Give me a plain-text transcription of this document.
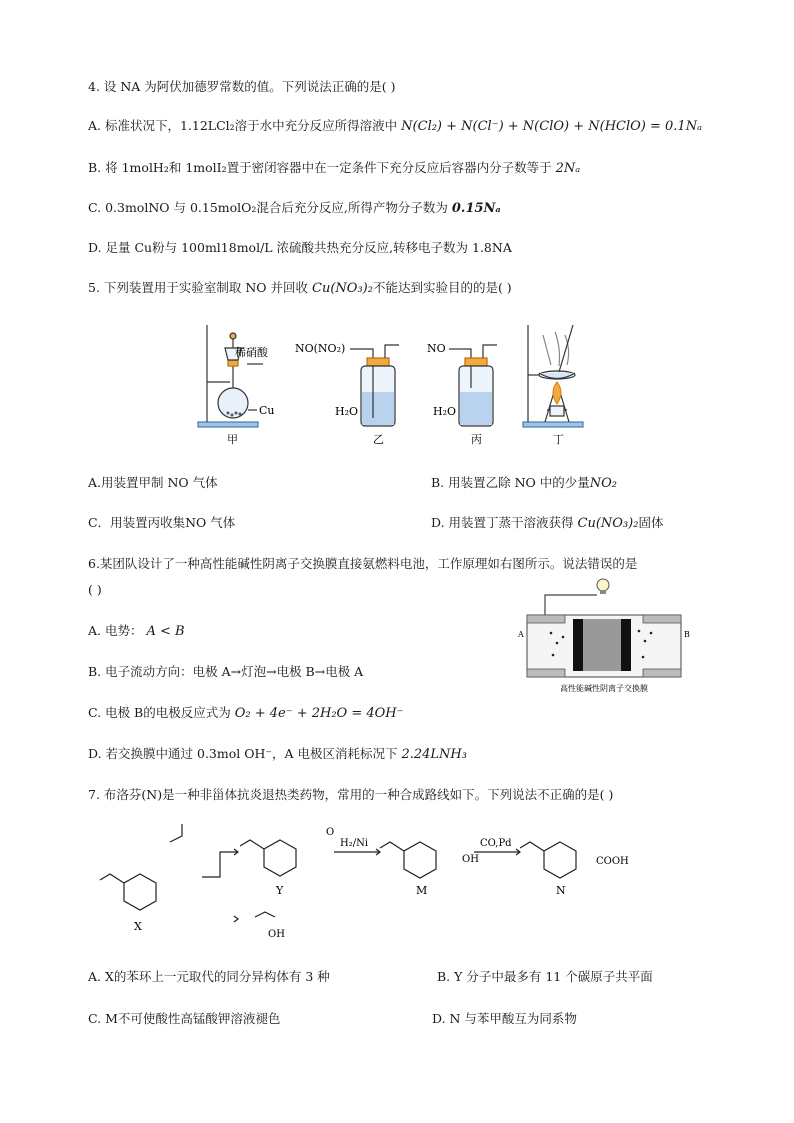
4. 设 NA 为阿伏加德罗常数的值。下列说法正确的是( )
A. 标准状况下，1.12LCl₂溶于水中充分反应所得溶液中 N(Cl₂) + N(Cl⁻) + N(ClO) + N(HClO) = 0.1Nₐ
B. 将 1molH₂和 1molI₂置于密闭容器中在一定条件下充分反应后容器内分子数等于 2Nₐ
C. 0.3molNO 与 0.15molO₂混合后充分反应,所得产物分子数为 0.15Nₐ
D. 足量 Cu粉与 100ml18mol/L 浓硫酸共热充分反应,转移电子数为 1.8NA
5. 下列装置用于实验室制取 NO 并回收 Cu(NO₃)₂不能达到实验目的的是( )
稀硝酸
Cu
甲
NO(NO₂)
H₂O
乙
NO
H₂O
丙	丁
A.用装置甲制 NO 气体	B. 用装置乙除 NO 中的少量NO₂
C．用装置丙收集NO 气体	D. 用装置丁蒸干溶液获得 Cu(NO₃)₂固体
6.某团队设计了一种高性能碱性阴离子交换膜直接氨燃料电池，工作原理如右图所示。说法错误的是
( )
A. 电势： A < B
B. 电子流动方向：电极 A→灯泡→电极 B→电极 A
C. 电极 B的电极反应式为 O₂ + 4e⁻ + 2H₂O = 4OH⁻
D. 若交换膜中通过 0.3mol OH⁻，A 电极区消耗标况下 2.24LNH₃
A	B
高性能碱性阴离子交换膜
7. 布洛芬(N)是一种非甾体抗炎退热类药物，常用的一种合成路线如下。下列说法不正确的是( )
X
Y
O
H₂/Ni
M
OH
CO,Pd
N
COOH
OH
A. X的苯环上一元取代的同分异构体有 3 种	B. Y 分子中最多有 11 个碳原子共平面
C. M不可使酸性高锰酸钾溶液褪色	D. N 与苯甲酸互为同系物
